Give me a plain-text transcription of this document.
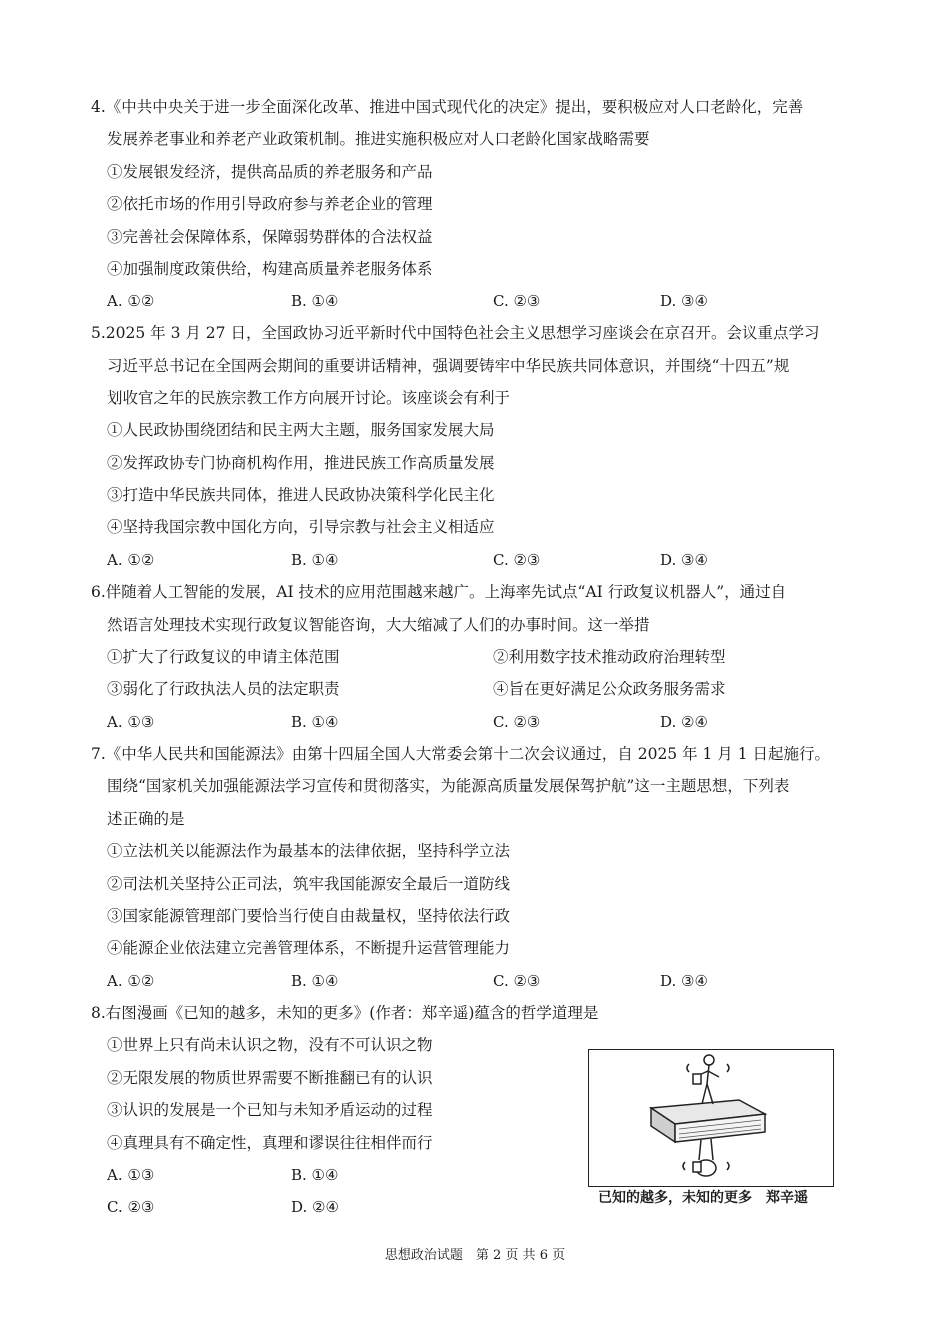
4.《中共中央关于进一步全面深化改革、推进中国式现代化的决定》提出，要积极应对人口老龄化，完善
发展养老事业和养老产业政策机制。推进实施积极应对人口老龄化国家战略需要
①发展银发经济，提供高品质的养老服务和产品
②依托市场的作用引导政府参与养老企业的管理
③完善社会保障体系，保障弱势群体的合法权益
④加强制度政策供给，构建高质量养老服务体系
A. ①②	B. ①④	C. ②③	D. ③④
5.2025 年 3 月 27 日，全国政协习近平新时代中国特色社会主义思想学习座谈会在京召开。会议重点学习
习近平总书记在全国两会期间的重要讲话精神，强调要铸牢中华民族共同体意识，并围绕“十四五”规
划收官之年的民族宗教工作方向展开讨论。该座谈会有利于
①人民政协围绕团结和民主两大主题，服务国家发展大局
②发挥政协专门协商机构作用，推进民族工作高质量发展
③打造中华民族共同体，推进人民政协决策科学化民主化
④坚持我国宗教中国化方向，引导宗教与社会主义相适应
A. ①②	B. ①④	C. ②③	D. ③④
6.伴随着人工智能的发展，AI 技术的应用范围越来越广。上海率先试点“AI 行政复议机器人”，通过自
然语言处理技术实现行政复议智能咨询，大大缩减了人们的办事时间。这一举措
①扩大了行政复议的申请主体范围	②利用数字技术推动政府治理转型
③弱化了行政执法人员的法定职责	④旨在更好满足公众政务服务需求
A. ①③	B. ①④	C. ②③	D. ②④
7.《中华人民共和国能源法》由第十四届全国人大常委会第十二次会议通过，自 2025 年 1 月 1 日起施行。
围绕“国家机关加强能源法学习宣传和贯彻落实，为能源高质量发展保驾护航”这一主题思想，下列表
述正确的是
①立法机关以能源法作为最基本的法律依据，坚持科学立法
②司法机关坚持公正司法，筑牢我国能源安全最后一道防线
③国家能源管理部门要恰当行使自由裁量权，坚持依法行政
④能源企业依法建立完善管理体系，不断提升运营管理能力
A. ①②	B. ①④	C. ②③	D. ③④
8.右图漫画《已知的越多，未知的更多》(作者：郑辛遥)蕴含的哲学道理是
①世界上只有尚未认识之物，没有不可认识之物
②无限发展的物质世界需要不断推翻已有的认识
③认识的发展是一个已知与未知矛盾运动的过程
④真理具有不确定性，真理和谬误往往相伴而行
A. ①③	B. ①④
C. ②③	D. ②④	已知的越多，未知的更多　郑辛遥
思想政治试题　第 2 页 共 6 页
